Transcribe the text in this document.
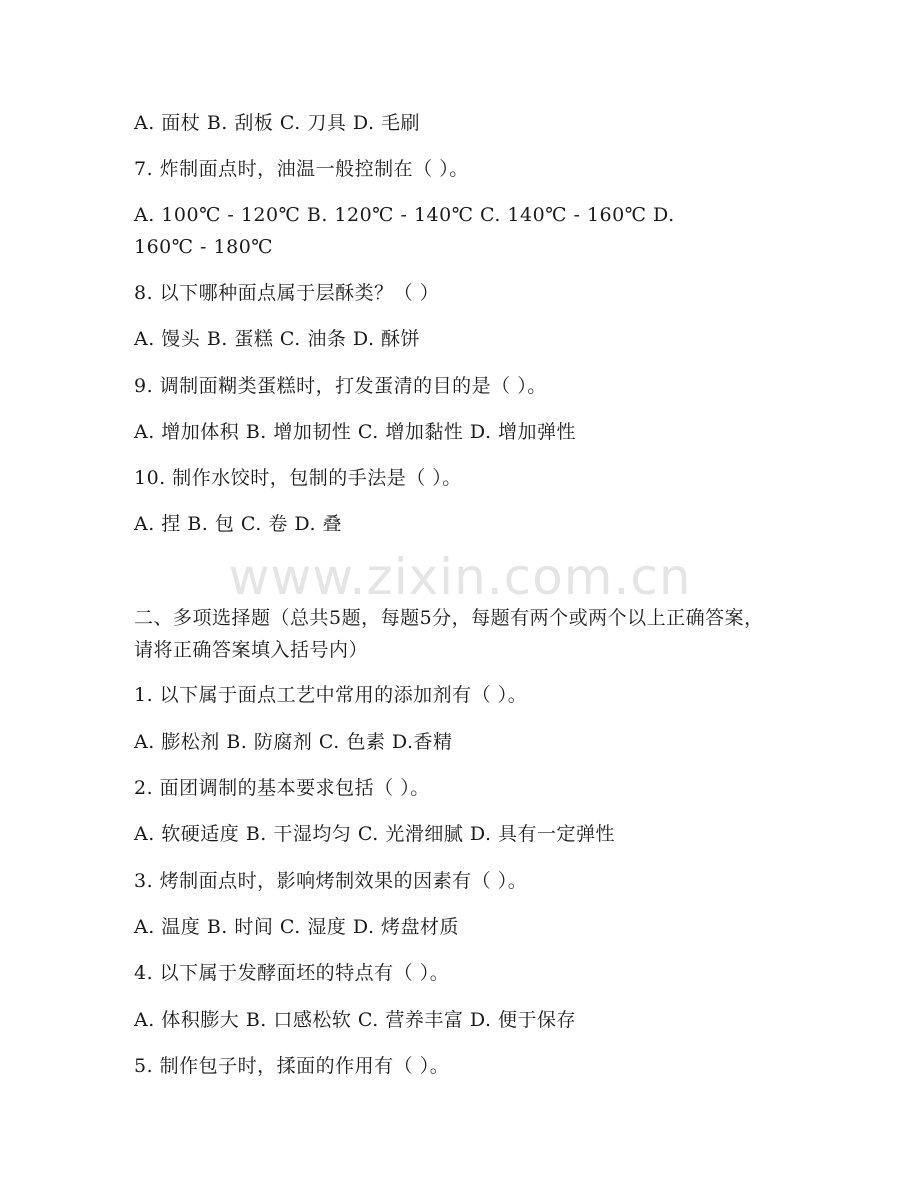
A. 面杖 B. 刮板 C. 刀具 D. 毛刷
7. 炸制面点时，油温一般控制在（ ）。
A. 100℃ - 120℃ B. 120℃ - 140℃ C. 140℃ - 160℃ D. 160℃ - 180℃
8. 以下哪种面点属于层酥类？（ ）
A. 馒头 B. 蛋糕 C. 油条 D. 酥饼
9. 调制面糊类蛋糕时，打发蛋清的目的是（ ）。
A. 增加体积 B. 增加韧性 C. 增加黏性 D. 增加弹性
10. 制作水饺时，包制的手法是（ ）。
A. 捏 B. 包 C. 卷 D. 叠
二、多项选择题（总共5题，每题5分，每题有两个或两个以上正确答案，请将正确答案填入括号内）
1. 以下属于面点工艺中常用的添加剂有（ ）。
A. 膨松剂 B. 防腐剂 C. 色素 D.香精
2. 面团调制的基本要求包括（ ）。
A. 软硬适度 B. 干湿均匀 C. 光滑细腻 D. 具有一定弹性
3. 烤制面点时，影响烤制效果的因素有（ ）。
A. 温度 B. 时间 C. 湿度 D. 烤盘材质
4. 以下属于发酵面坯的特点有（ ）。
A. 体积膨大 B. 口感松软 C. 营养丰富 D. 便于保存
5. 制作包子时，揉面的作用有（ ）。
www.zixin.com.cn
